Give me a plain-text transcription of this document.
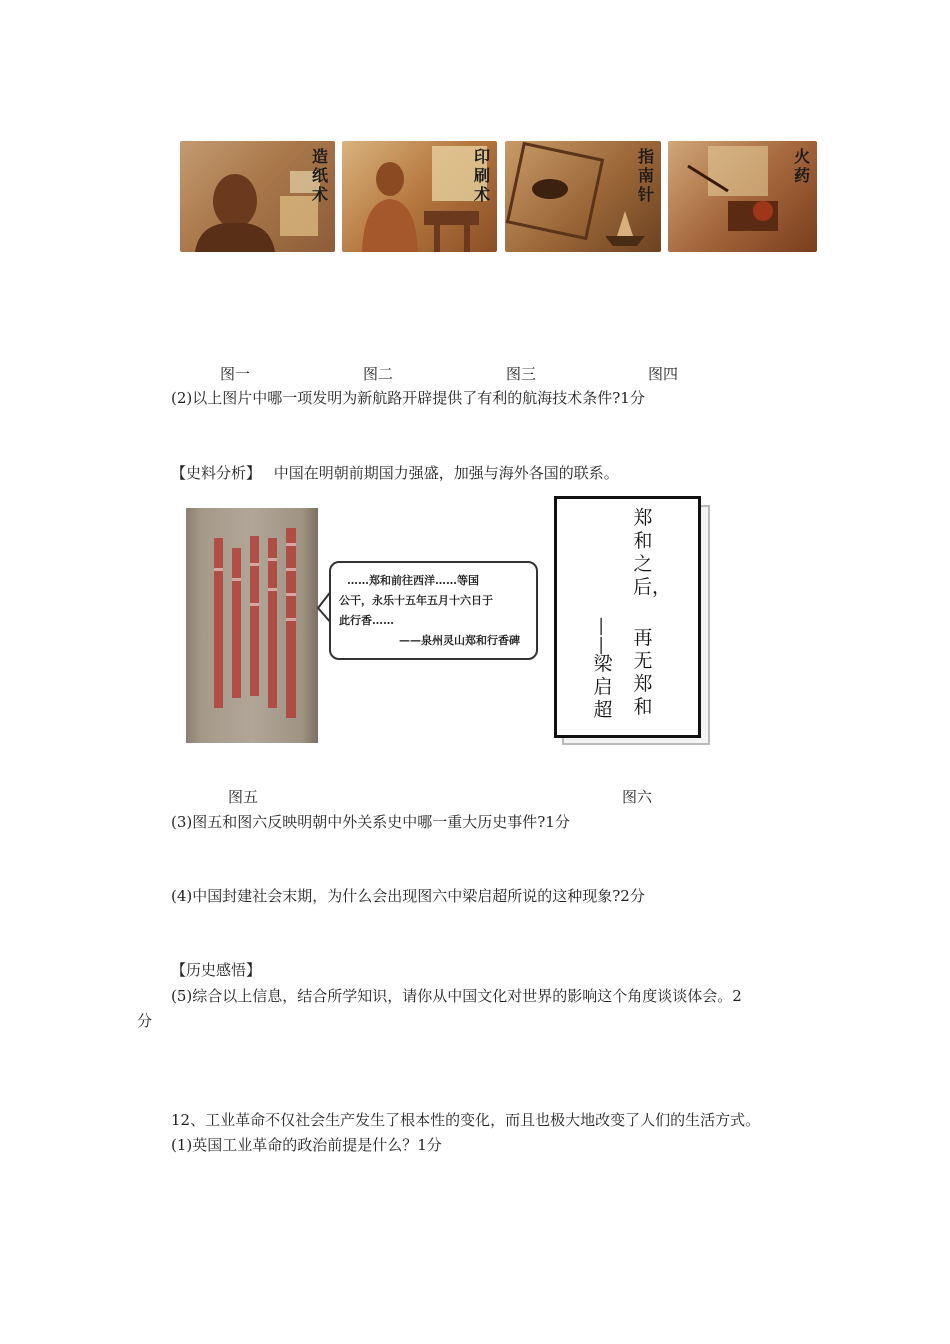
造纸术
印刷术
指南针
火药
图一	图二	图三	图四
(2)以上图片中哪一项发明为新航路开辟提供了有利的航海技术条件?1分
【史料分析】 中国在明朝前期国力强盛，加强与海外各国的联系。
……郑和前往西洋……等国
公干，永乐十五年五月十六日于
此行香……
——泉州灵山郑和行香碑
郑和之后，
再无郑和
——
梁启超
图五	图六
(3)图五和图六反映明朝中外关系史中哪一重大历史事件?1分
(4)中国封建社会末期，为什么会出现图六中梁启超所说的这种现象?2分
【历史感悟】
(5)综合以上信息，结合所学知识，请你从中国文化对世界的影响这个角度谈谈体会。2
分
12、工业革命不仅社会生产发生了根本性的变化，而且也极大地改变了人们的生活方式。
(1)英国工业革命的政治前提是什么？1分
